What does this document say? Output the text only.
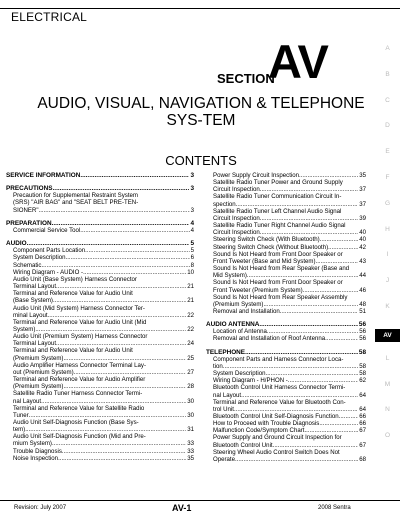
ELECTRICAL
SECTION
AV
AUDIO, VISUAL, NAVIGATION & TELEPHONE SYS-TEM
CONTENTS
SERVICE INFORMATION .....	3
PRECAUTIONS .....	3
Precaution for Supplemental Restraint System
(SRS) "AIR BAG" and "SEAT BELT PRE-TEN-
SIONER" .....	3
PREPARATION .....	4
Commercial Service Tool .....	4
AUDIO .....	5
Component Parts Location .....	5
System Description .....	6
Schematic .....	8
Wiring Diagram - AUDIO - .....	10
Audio Unit (Base System) Harness Connector
Terminal Layout .....	21
Terminal and Reference Value for Audio Unit
(Base System) .....	21
Audio Unit (Mid System) Harness Connector Ter-
minal Layout .....	22
Terminal and Reference Value for Audio Unit (Mid
System) .....	22
Audio Unit (Premium System) Harness Connector
Terminal Layout .....	24
Terminal and Reference Value for Audio Unit
(Premium System) .....	25
Audio Amplifier Harness Connector Terminal Lay-
out (Premium System) .....	27
Terminal and Reference Value for Audio Amplifier
(Premium System) .....	28
Satellite Radio Tuner Harness Connector Termi-
nal Layout .....	30
Terminal and Reference Value for Satellite Radio
Tuner .....	30
Audio Unit Self-Diagnosis Function (Base Sys-
tem) .....	31
Audio Unit Self-Diagnosis Function (Mid and Pre-
mium System) .....	33
Trouble Diagnosis .....	33
Noise Inspection .....	35
Power Supply Circuit Inspection .....	35
Satellite Radio Tuner Power and Ground Supply
Circuit Inspection .....	37
Satellite Radio Tuner Communication Circuit In-
spection .....	37
Satellite Radio Tuner Left Channel Audio Signal
Circuit Inspection .....	39
Satellite Radio Tuner Right Channel Audio Signal
Circuit Inspection .....	40
Steering Switch Check (With Bluetooth) .....	40
Steering Switch Check (Without Bluetooth) .....	42
Sound Is Not Heard from Front Door Speaker or
Front Tweeter (Base and Mid System) .....	43
Sound Is Not Heard from Rear Speaker (Base and
Mid System) .....	44
Sound Is Not Heard from Front Door Speaker or
Front Tweeter (Premium System) .....	46
Sound Is Not Heard from Rear Speaker Assembly
(Premium System) .....	48
Removal and Installation .....	51
AUDIO ANTENNA .....	56
Location of Antenna .....	56
Removal and Installation of Roof Antenna .....	56
TELEPHONE .....	58
Component Parts and Harness Connector Loca-
tion .....	58
System Description .....	58
Wiring Diagram - H/PHON - .....	62
Bluetooth Control Unit Harness Connector Termi-
nal Layout .....	64
Terminal and Reference Value for Bluetooth Con-
trol Unit .....	64
Bluetooth Control Unit Self-Diagnosis Function .....	66
How to Proceed with Trouble Diagnosis .....	66
Malfunction Code/Symptom Chart .....	67
Power Supply and Ground Circuit Inspection for
Bluetooth Control Unit .....	67
Steering Wheel Audio Control Switch Does Not
Operate .....	68
A
B
C
D
E
F
G
H
I
J
K
AV
L
M
N
O
Revision: July 2007	AV-1	2008 Sentra
